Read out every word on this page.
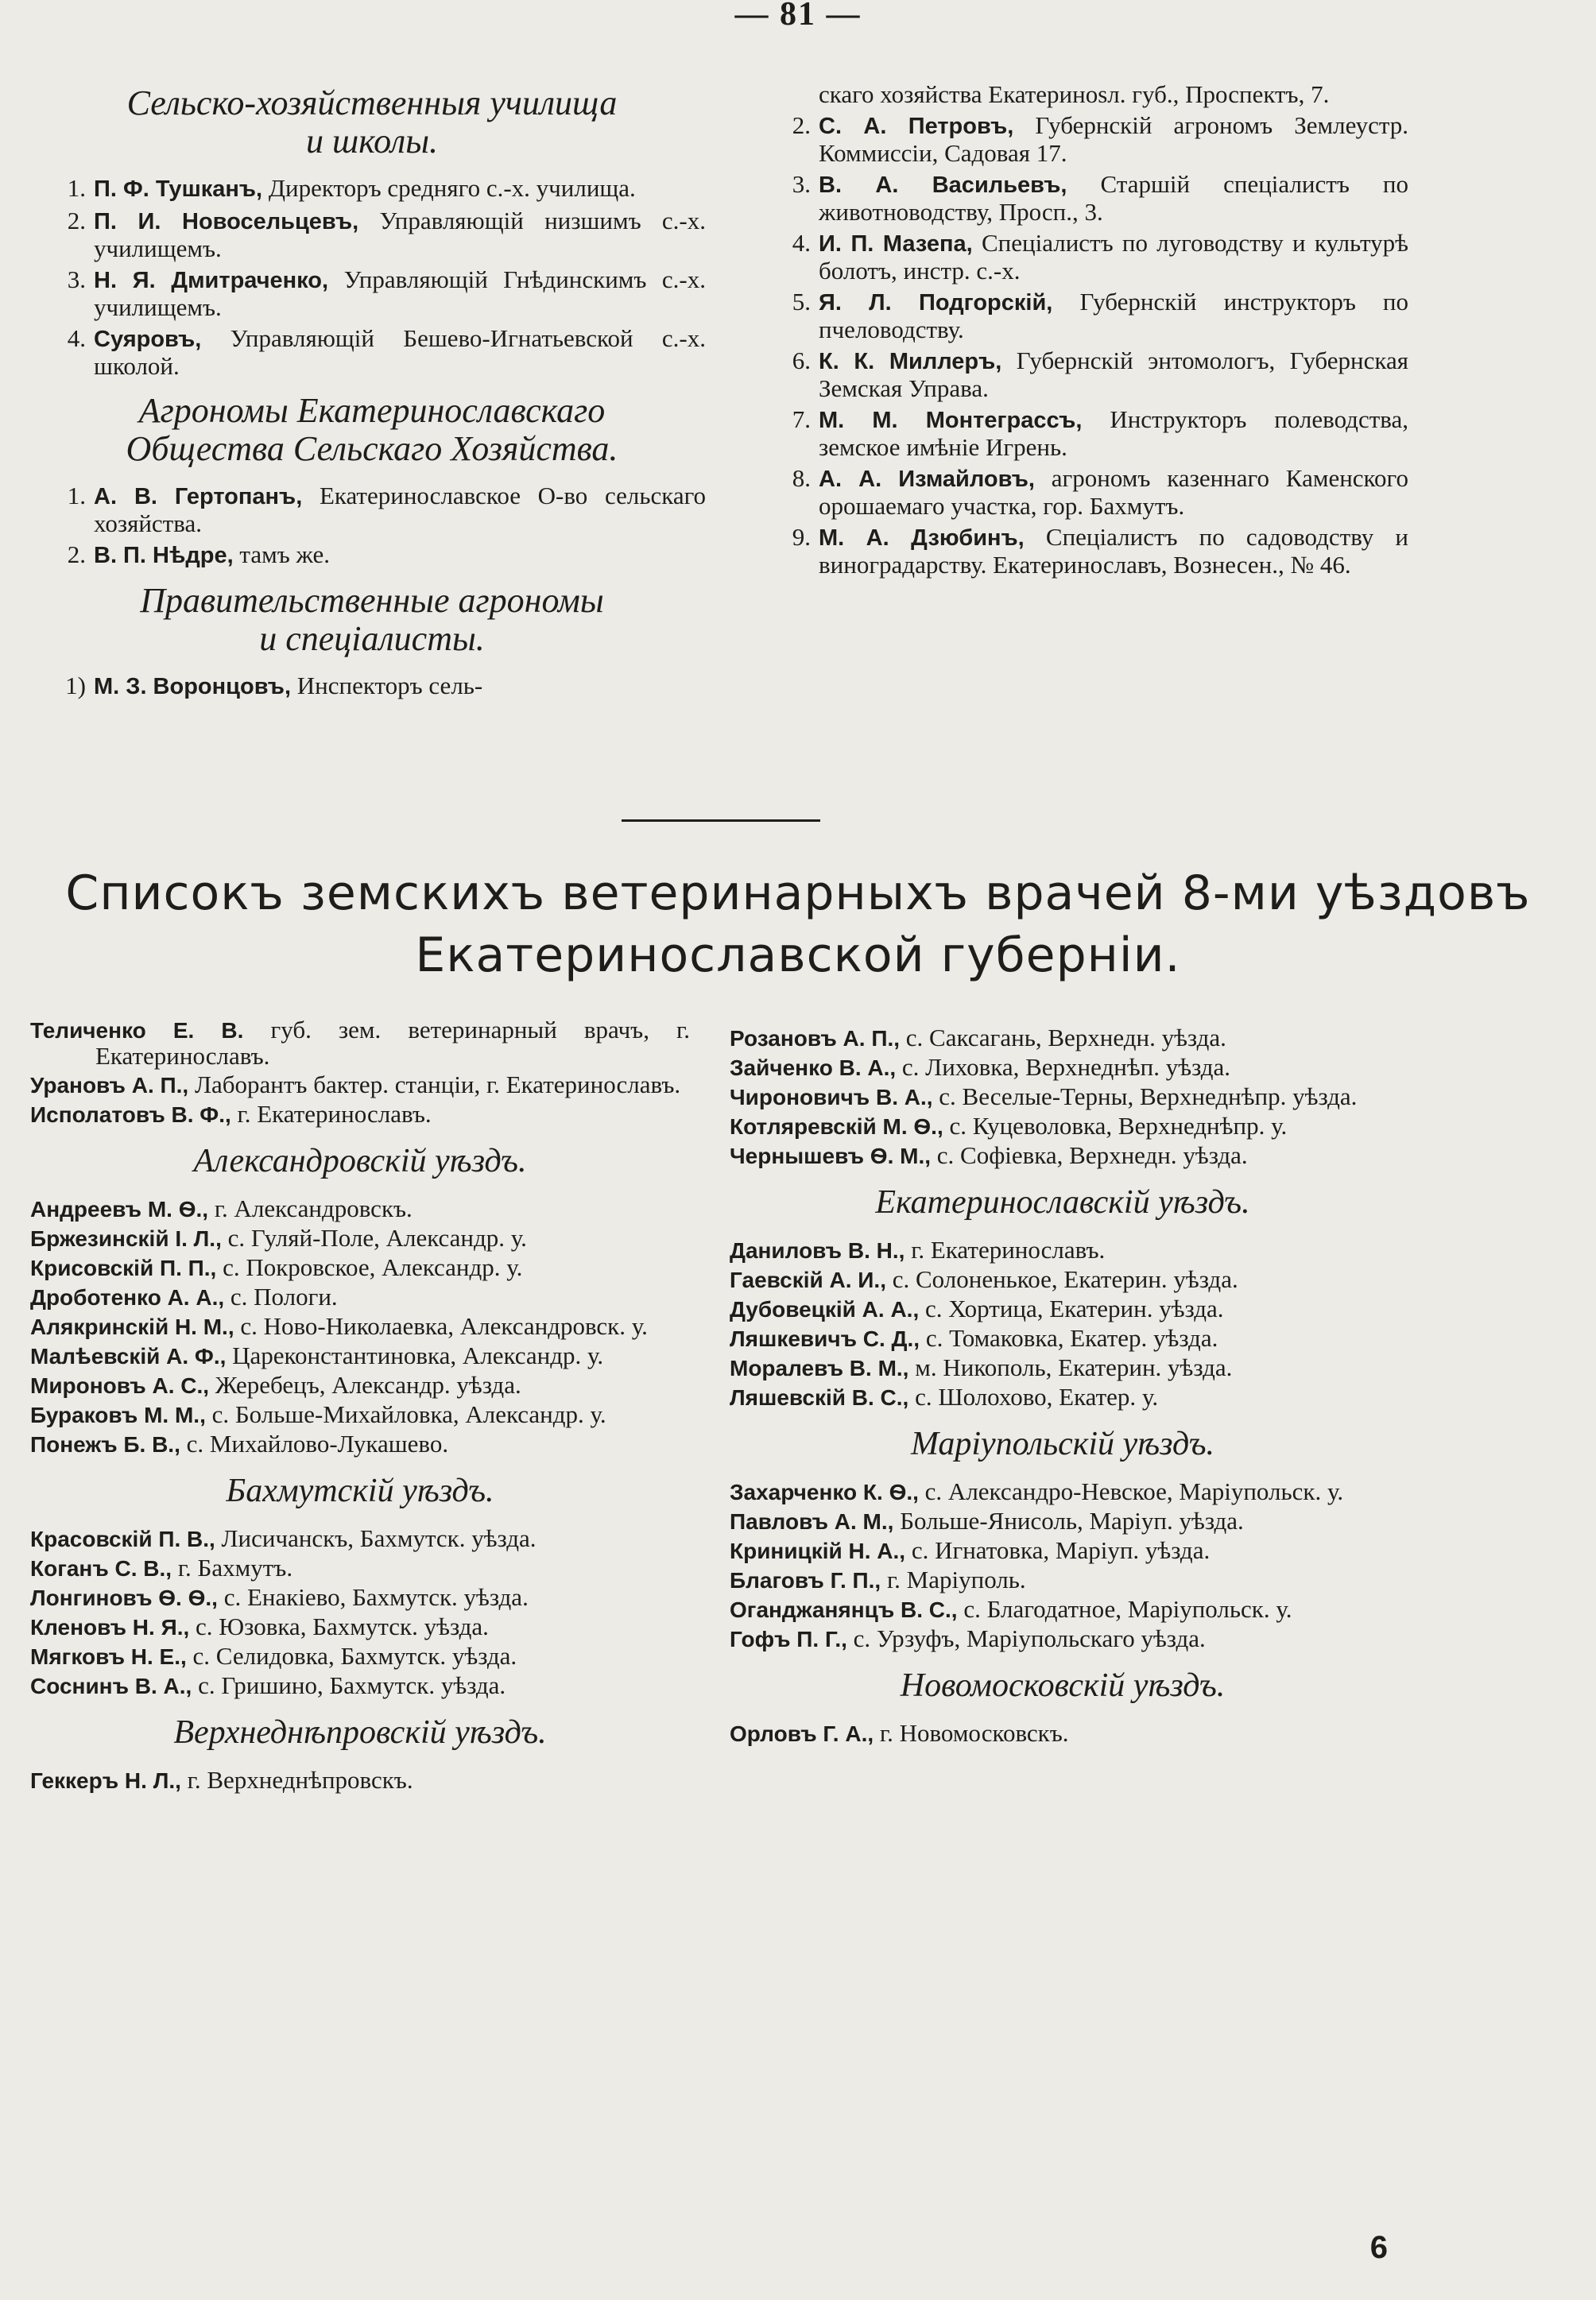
— 81 —
Сельско-хозяйственныя училища
и школы.
1. П. Ф. Тушканъ, Директоръ средняго с.-х. училища.
2. П. И. Новосельцевъ, Управляющій низшимъ с.-х. училищемъ.
3. Н. Я. Дмитраченко, Управляющій Гнѣдинскимъ с.-х. училищемъ.
4. Суяровъ, Управляющій Бешево-Игнатьевской с.-х. школой.
Агрономы Екатеринославскаго
Общества Сельскаго Хозяйства.
1. А. В. Гертопанъ, Екатеринославское О-во сельскаго хозяйства.
2. В. П. Нѣдре, тамъ же.
Правительственные агрономы
и спеціалисты.
1) М. З. Воронцовъ, Инспекторъ сель-
скаго хозяйства Екатеринosл. губ., Проспектъ, 7.
2. С. А. Петровъ, Губернскій агрономъ Землеустр. Коммиссіи, Садовая 17.
3. В. А. Васильевъ, Старшій спеціалистъ по животноводству, Просп., 3.
4. И. П. Мазепа, Спеціалистъ по луговодству и культурѣ болотъ, инстр. с.-х.
5. Я. Л. Подгорскій, Губернскій инструкторъ по пчеловодству.
6. К. К. Миллеръ, Губернскій энтомологъ, Губернская Земская Управа.
7. М. М. Монтеграссъ, Инструкторъ полеводства, земское имѣніе Игрень.
8. А. А. Измайловъ, агрономъ казеннаго Каменского орошаемаго участка, гор. Бахмутъ.
9. М. А. Дзюбинъ, Спеціалистъ по садоводству и виноградарству. Екатеринославъ, Вознесен., № 46.
Списокъ земскихъ ветеринарныхъ врачей 8-ми уѣздовъ
Екатеринославской губерніи.
Теличенко Е. В. губ. зем. ветеринарный врачъ, г. Екатеринославъ.
Урановъ А. П., Лаборантъ бактер. станціи, г. Екатеринославъ.
Исполатовъ В. Ф., г. Екатеринославъ.
Александровскій уѣздъ.
Андреевъ М. Ѳ., г. Александровскъ.
Бржезинскій І. Л., с. Гуляй-Поле, Александр. у.
Крисовскій П. П., с. Покровское, Александр. у.
Дроботенко А. А., с. Пологи.
Алякринскій Н. М., с. Ново-Николаевка, Александровск. у.
Малѣевскій А. Ф., Цареконстантиновка, Александр. у.
Мироновъ А. С., Жеребецъ, Александр. уѣзда.
Бураковъ М. М., с. Больше-Михайловка, Александр. у.
Понежъ Б. В., с. Михайлово-Лукашево.
Бахмутскій уѣздъ.
Красовскій П. В., Лисичанскъ, Бахмутск. уѣзда.
Коганъ С. В., г. Бахмутъ.
Лонгиновъ Ѳ. Ѳ., с. Енакіево, Бахмутск. уѣзда.
Кленовъ Н. Я., с. Юзовка, Бахмутск. уѣзда.
Мягковъ Н. Е., с. Селидовка, Бахмутск. уѣзда.
Соснинъ В. А., с. Гришино, Бахмутск. уѣзда.
Верхнеднѣпровскій уѣздъ.
Геккеръ Н. Л., г. Верхнеднѣпровскъ.
Розановъ А. П., с. Саксагань, Верхнедн. уѣзда.
Зайченко В. А., с. Лиховка, Верхнеднѣп. уѣзда.
Чироновичъ В. А., с. Веселые-Терны, Верхнеднѣпр. уѣзда.
Котляревскій М. Ѳ., с. Куцеволовка, Верхнеднѣпр. у.
Чернышевъ Ѳ. М., с. Софіевка, Верхнедн. уѣзда.
Екатеринославскій уѣздъ.
Даниловъ В. Н., г. Екатеринославъ.
Гаевскій А. И., с. Солоненькое, Екатерин. уѣзда.
Дубовецкій А. А., с. Хортица, Екатерин. уѣзда.
Ляшкевичъ С. Д., с. Томаковка, Екатер. уѣзда.
Моралевъ В. М., м. Никополь, Екатерин. уѣзда.
Ляшевскій В. С., с. Шолохово, Екатер. у.
Маріупольскій уѣздъ.
Захарченко К. Ѳ., с. Александро-Невское, Маріупольск. у.
Павловъ А. М., Больше-Янисоль, Маріуп. уѣзда.
Криницкій Н. А., с. Игнатовка, Маріуп. уѣзда.
Благовъ Г. П., г. Маріуполь.
Оганджанянцъ В. С., с. Благодатное, Маріупольск. у.
Гофъ П. Г., с. Урзуфъ, Маріупольскаго уѣзда.
Новомосковскій уѣздъ.
Орловъ Г. А., г. Новомосковскъ.
6
